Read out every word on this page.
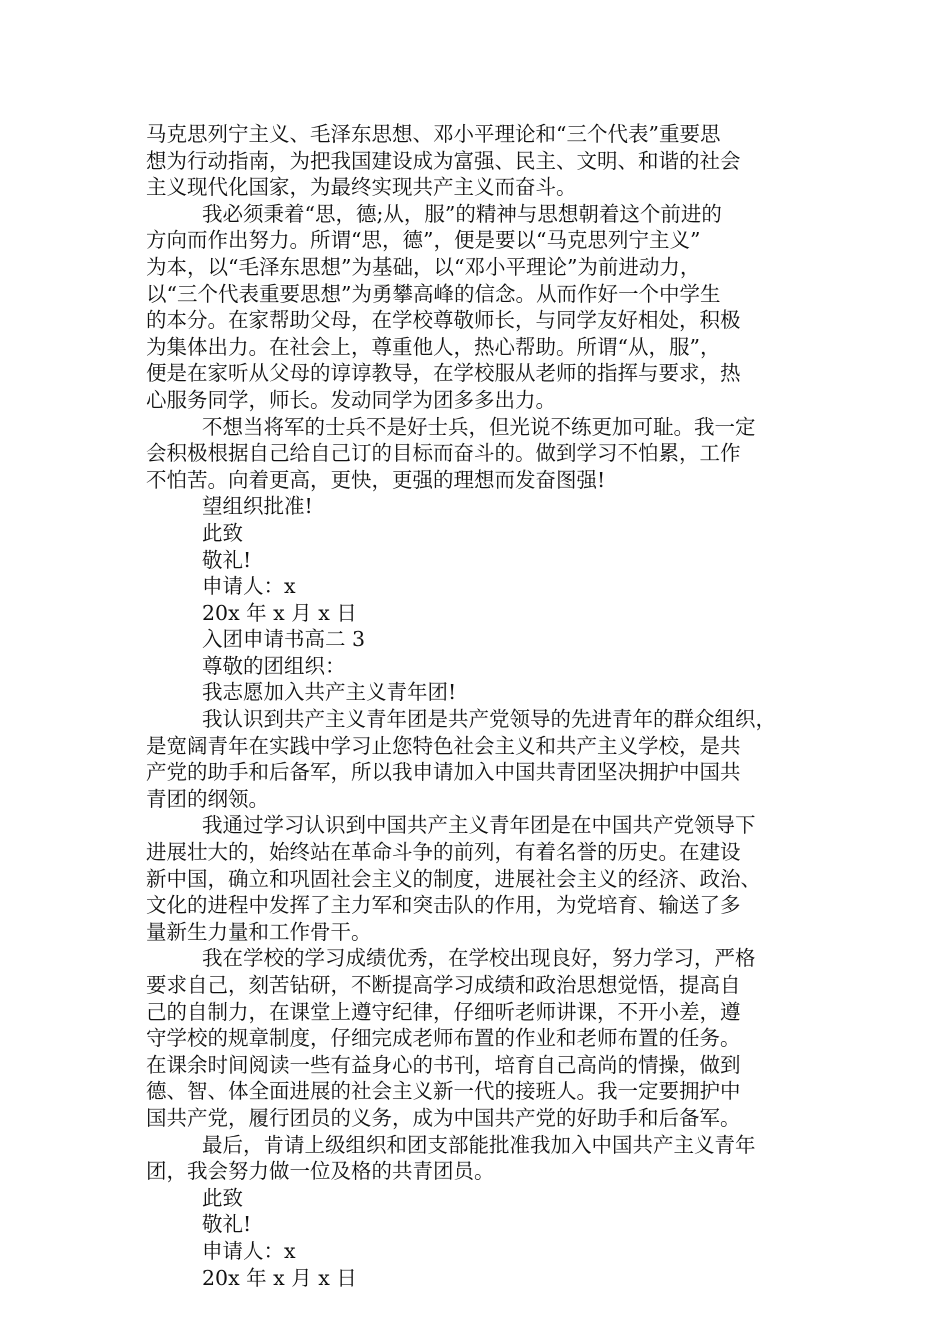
马克思列宁主义、毛泽东思想、邓小平理论和“三个代表”重要思
想为行动指南，为把我国建设成为富强、民主、文明、和谐的社会
主义现代化国家，为最终实现共产主义而奋斗。
我必须秉着“思，德;从，服”的精神与思想朝着这个前进的
方向而作出努力。所谓“思，德”，便是要以“马克思列宁主义”
为本，以“毛泽东思想”为基础，以“邓小平理论”为前进动力，
以“三个代表重要思想”为勇攀高峰的信念。从而作好一个中学生
的本分。在家帮助父母，在学校尊敬师长，与同学友好相处，积极
为集体出力。在社会上，尊重他人，热心帮助。所谓“从，服”，
便是在家听从父母的谆谆教导，在学校服从老师的指挥与要求，热
心服务同学，师长。发动同学为团多多出力。
不想当将军的士兵不是好士兵，但光说不练更加可耻。我一定
会积极根据自己给自己订的目标而奋斗的。做到学习不怕累，工作
不怕苦。向着更高，更快，更强的理想而发奋图强!
望组织批准!
此致
敬礼!
申请人：x
20x 年 x 月 x 日
入团申请书高二 3
尊敬的团组织：
我志愿加入共产主义青年团!
我认识到共产主义青年团是共产党领导的先进青年的群众组织，
是宽阔青年在实践中学习止您特色社会主义和共产主义学校，是共
产党的助手和后备军，所以我申请加入中国共青团坚决拥护中国共
青团的纲领。
我通过学习认识到中国共产主义青年团是在中国共产党领导下
进展壮大的，始终站在革命斗争的前列，有着名誉的历史。在建设
新中国，确立和巩固社会主义的制度，进展社会主义的经济、政治、
文化的进程中发挥了主力军和突击队的作用，为党培育、输送了多
量新生力量和工作骨干。
我在学校的学习成绩优秀，在学校出现良好，努力学习，严格
要求自己，刻苦钻研，不断提高学习成绩和政治思想觉悟，提高自
己的自制力，在课堂上遵守纪律，仔细听老师讲课，不开小差，遵
守学校的规章制度，仔细完成老师布置的作业和老师布置的任务。
在课余时间阅读一些有益身心的书刊，培育自己高尚的情操，做到
德、智、体全面进展的社会主义新一代的接班人。我一定要拥护中
国共产党，履行团员的义务，成为中国共产党的好助手和后备军。
最后，肯请上级组织和团支部能批准我加入中国共产主义青年
团，我会努力做一位及格的共青团员。
此致
敬礼!
申请人：x
20x 年 x 月 x 日
